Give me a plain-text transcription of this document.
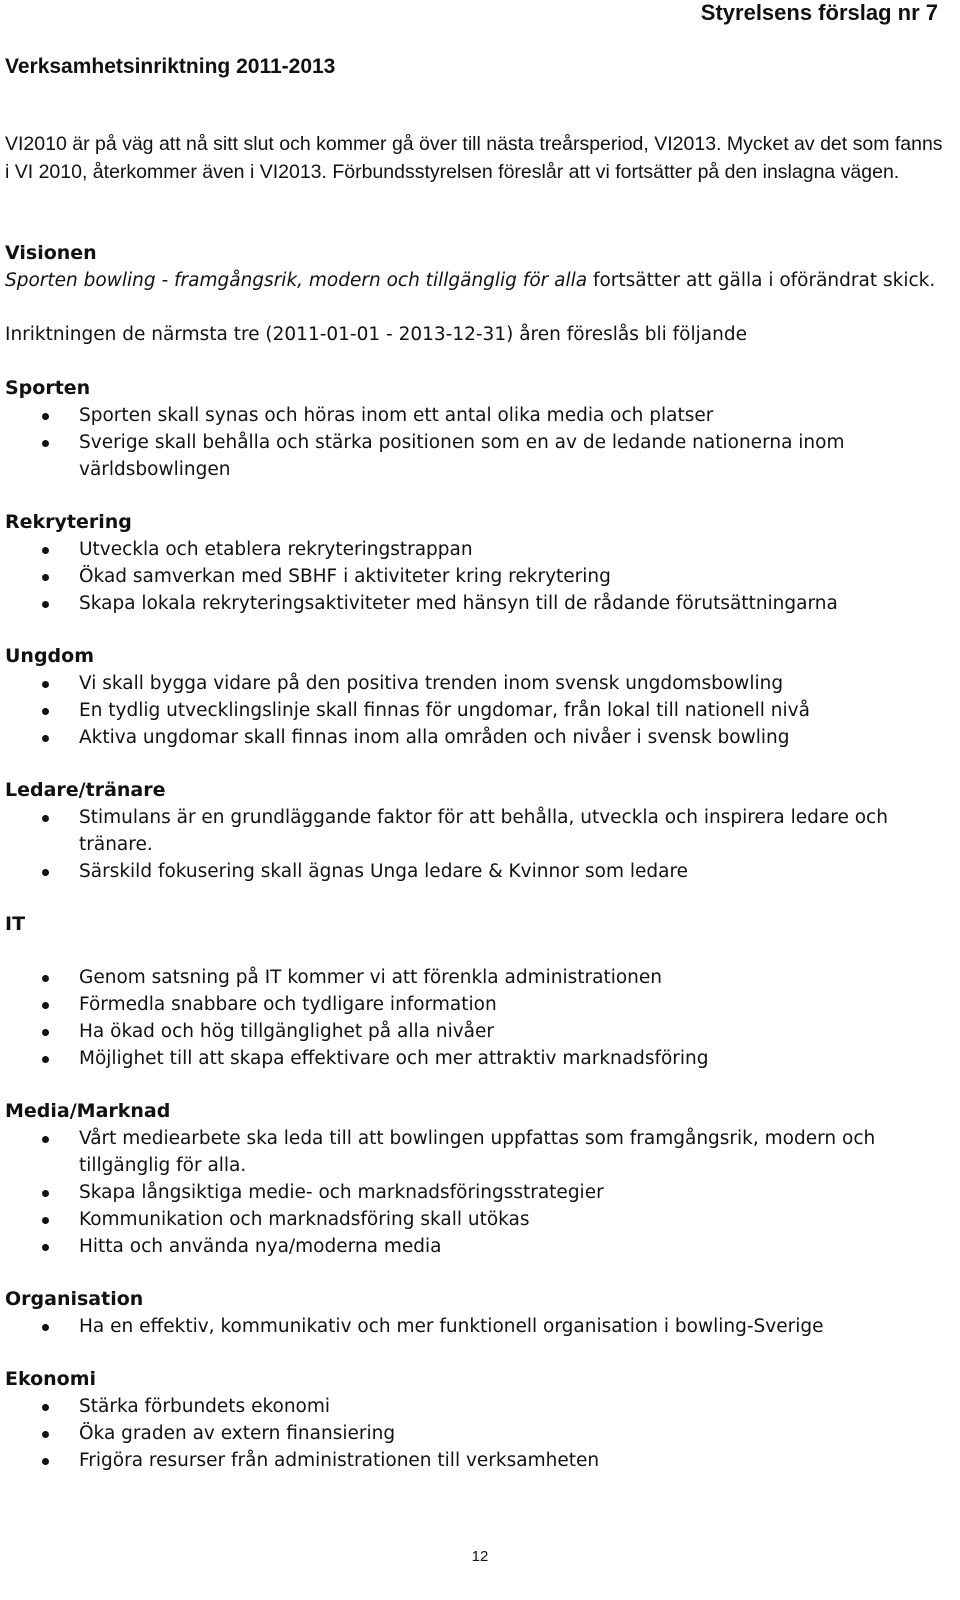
Styrelsens förslag nr 7
Verksamhetsinriktning 2011-2013

VI2010 är på väg att nå sitt slut och kommer gå över till nästa treårsperiod, VI2013. Mycket av det som fanns i VI 2010, återkommer även i VI2013. Förbundsstyrelsen föreslår att vi fortsätter på den inslagna vägen.

Visionen

Sporten bowling - framgångsrik, modern och tillgänglig för alla fortsätter att gälla i oförändrat skick.

Inriktningen de närmsta tre (2011-01-01 - 2013-12-31) åren föreslås bli följande

Sporten

Sporten skall synas och höras inom ett antal olika media och platser
Sverige skall behålla och stärka positionen som en av de ledande nationerna inom världsbowlingen

Rekrytering

Utveckla och etablera rekryteringstrappan
Ökad samverkan med SBHF i aktiviteter kring rekrytering
Skapa lokala rekryteringsaktiviteter med hänsyn till de rådande förutsättningarna

Ungdom

Vi skall bygga vidare på den positiva trenden inom svensk ungdomsbowling
En tydlig utvecklingslinje skall finnas för ungdomar, från lokal till nationell nivå
Aktiva ungdomar skall finnas inom alla områden och nivåer i svensk bowling

Ledare/tränare

Stimulans är en grundläggande faktor för att behålla, utveckla och inspirera ledare och tränare.
Särskild fokusering skall ägnas Unga ledare & Kvinnor som ledare

IT

Genom satsning på IT kommer vi att förenkla administrationen
Förmedla snabbare och tydligare information
Ha ökad och hög tillgänglighet på alla nivåer
Möjlighet till att skapa effektivare och mer attraktiv marknadsföring

Media/Marknad

Vårt mediearbete ska leda till att bowlingen uppfattas som framgångsrik, modern och tillgänglig för alla.
Skapa långsiktiga medie- och marknadsföringsstrategier
Kommunikation och marknadsföring skall utökas
Hitta och använda nya/moderna media

Organisation

Ha en effektiv, kommunikativ och mer funktionell organisation i bowling-Sverige

Ekonomi

Stärka förbundets ekonomi
Öka graden av extern finansiering
Frigöra resurser från administrationen till verksamheten
12
